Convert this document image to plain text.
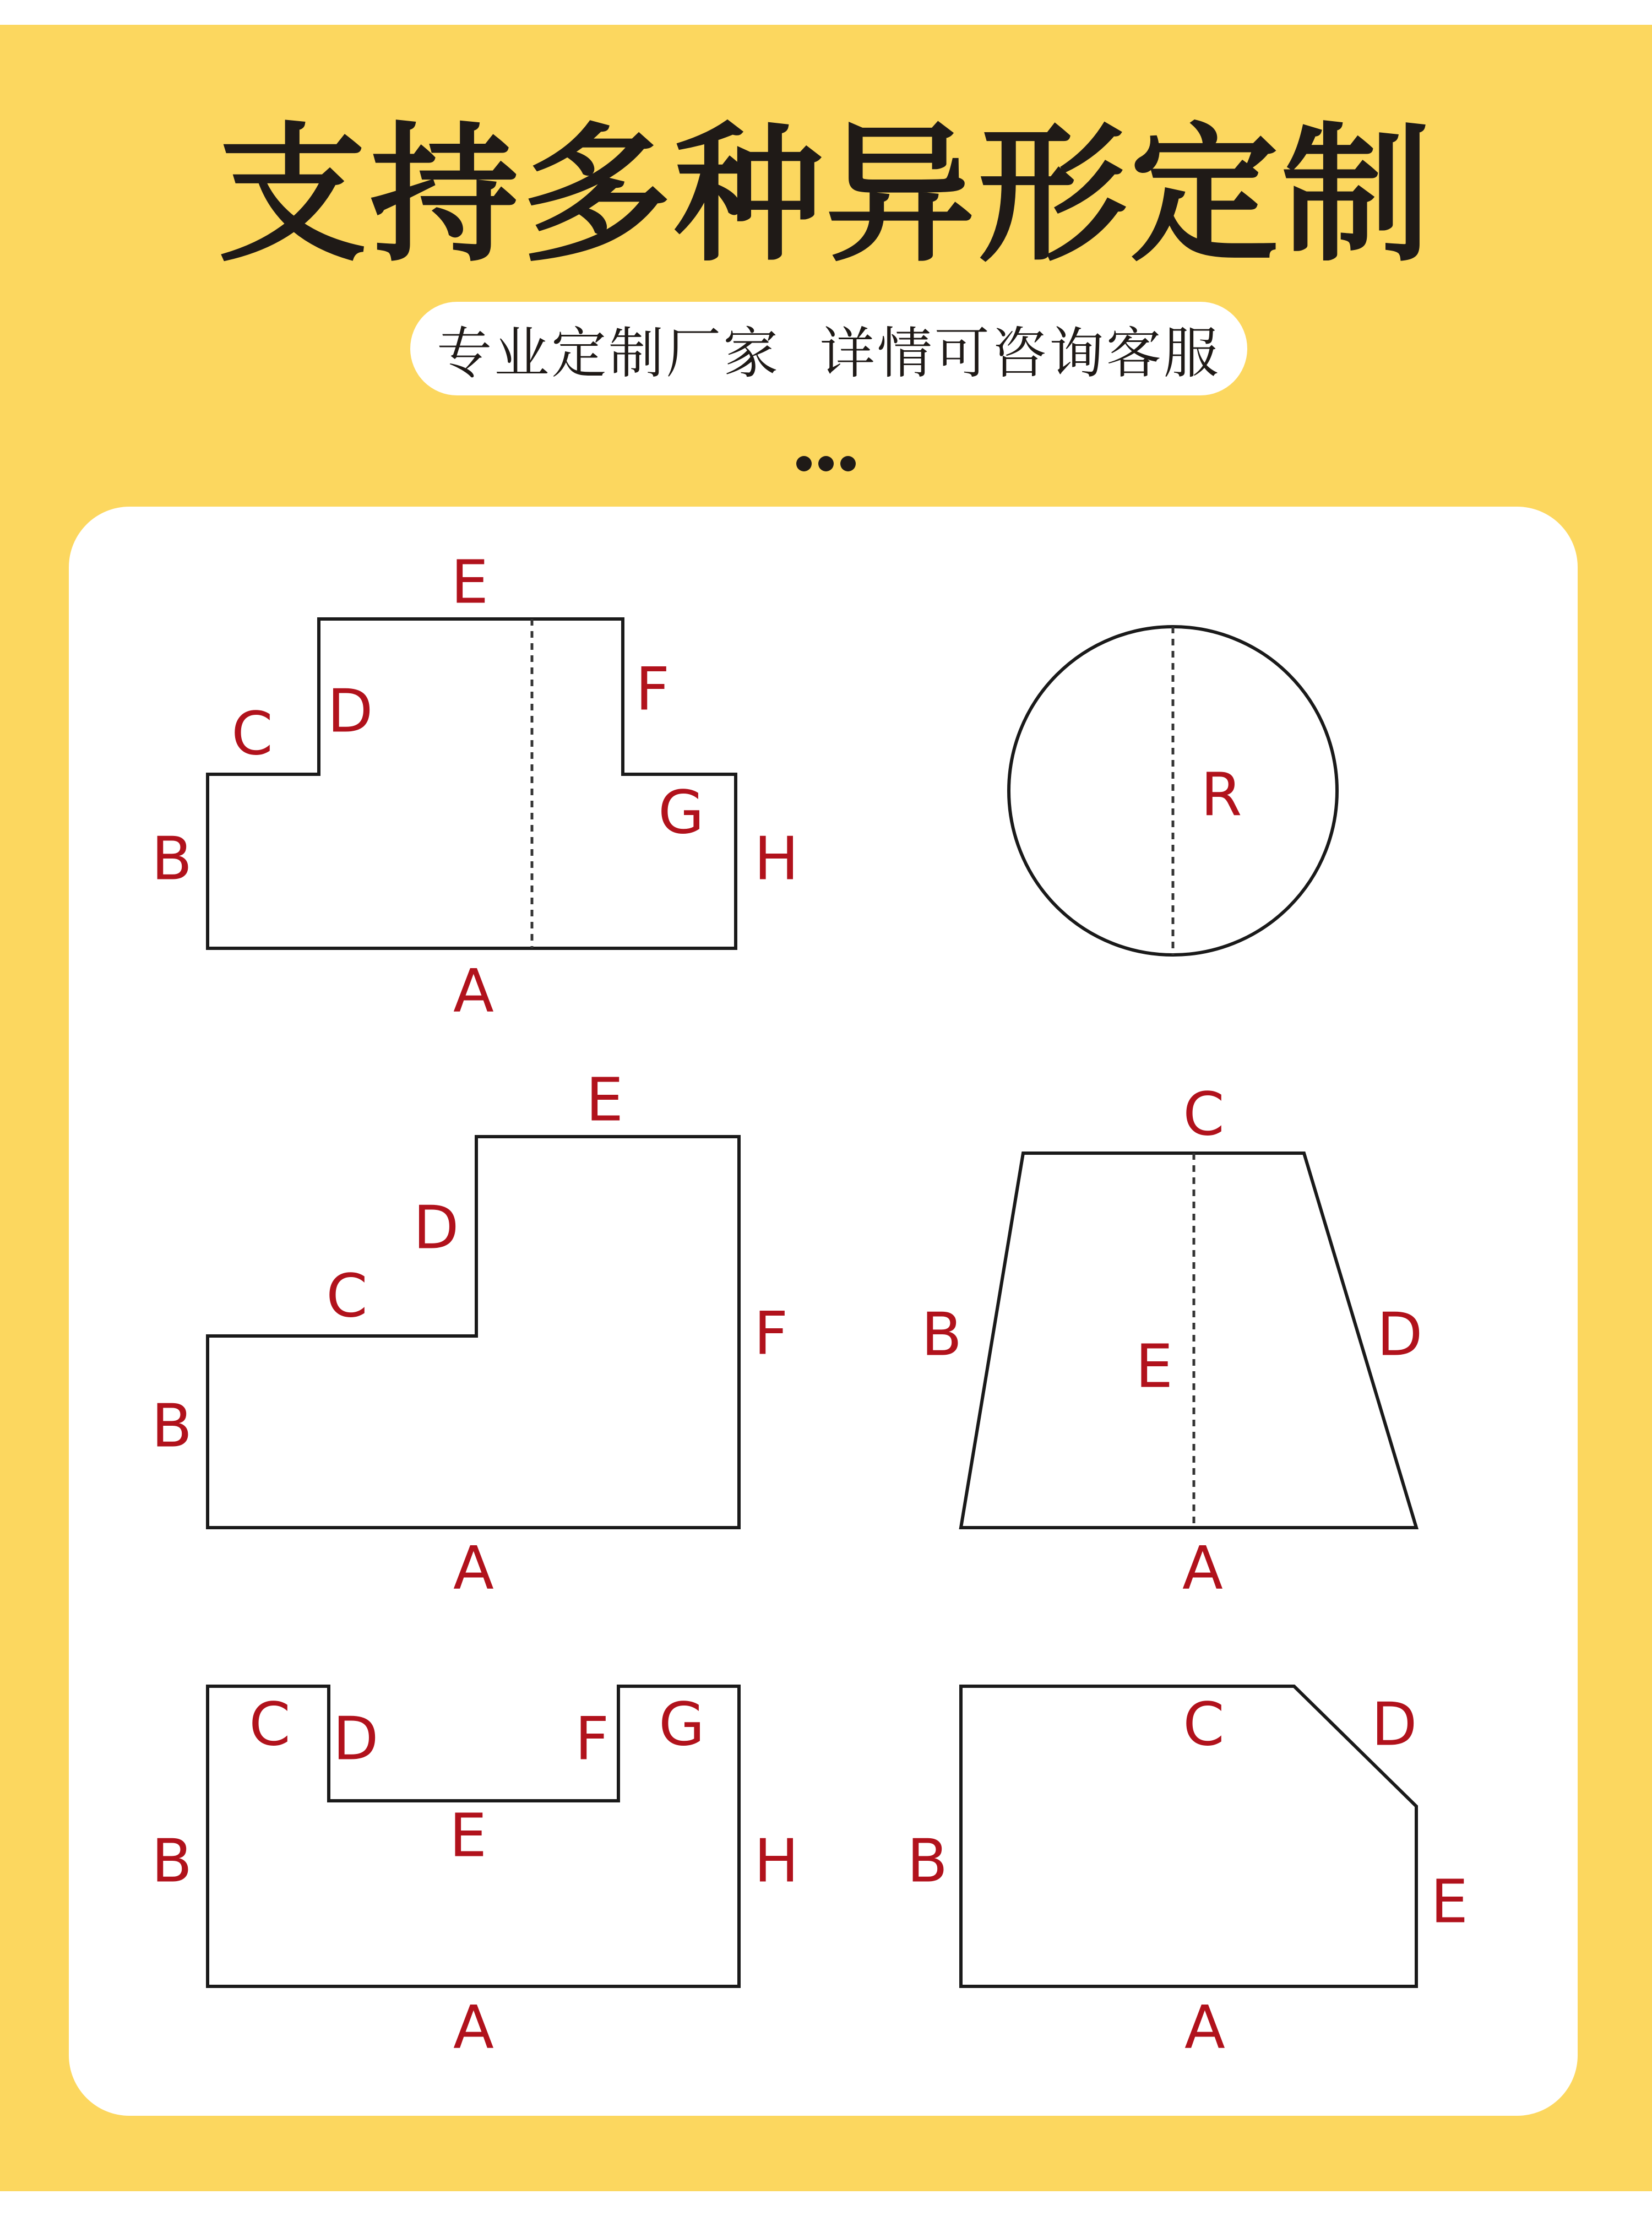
支持多种异形定制
专业定制厂家  详情可咨询客服
A
B
C D
E
F
G
H
R
A
B
C
D
E
F
A
B
C
D
E
A
B
C D
E
F G
H
A
B
C D
E
